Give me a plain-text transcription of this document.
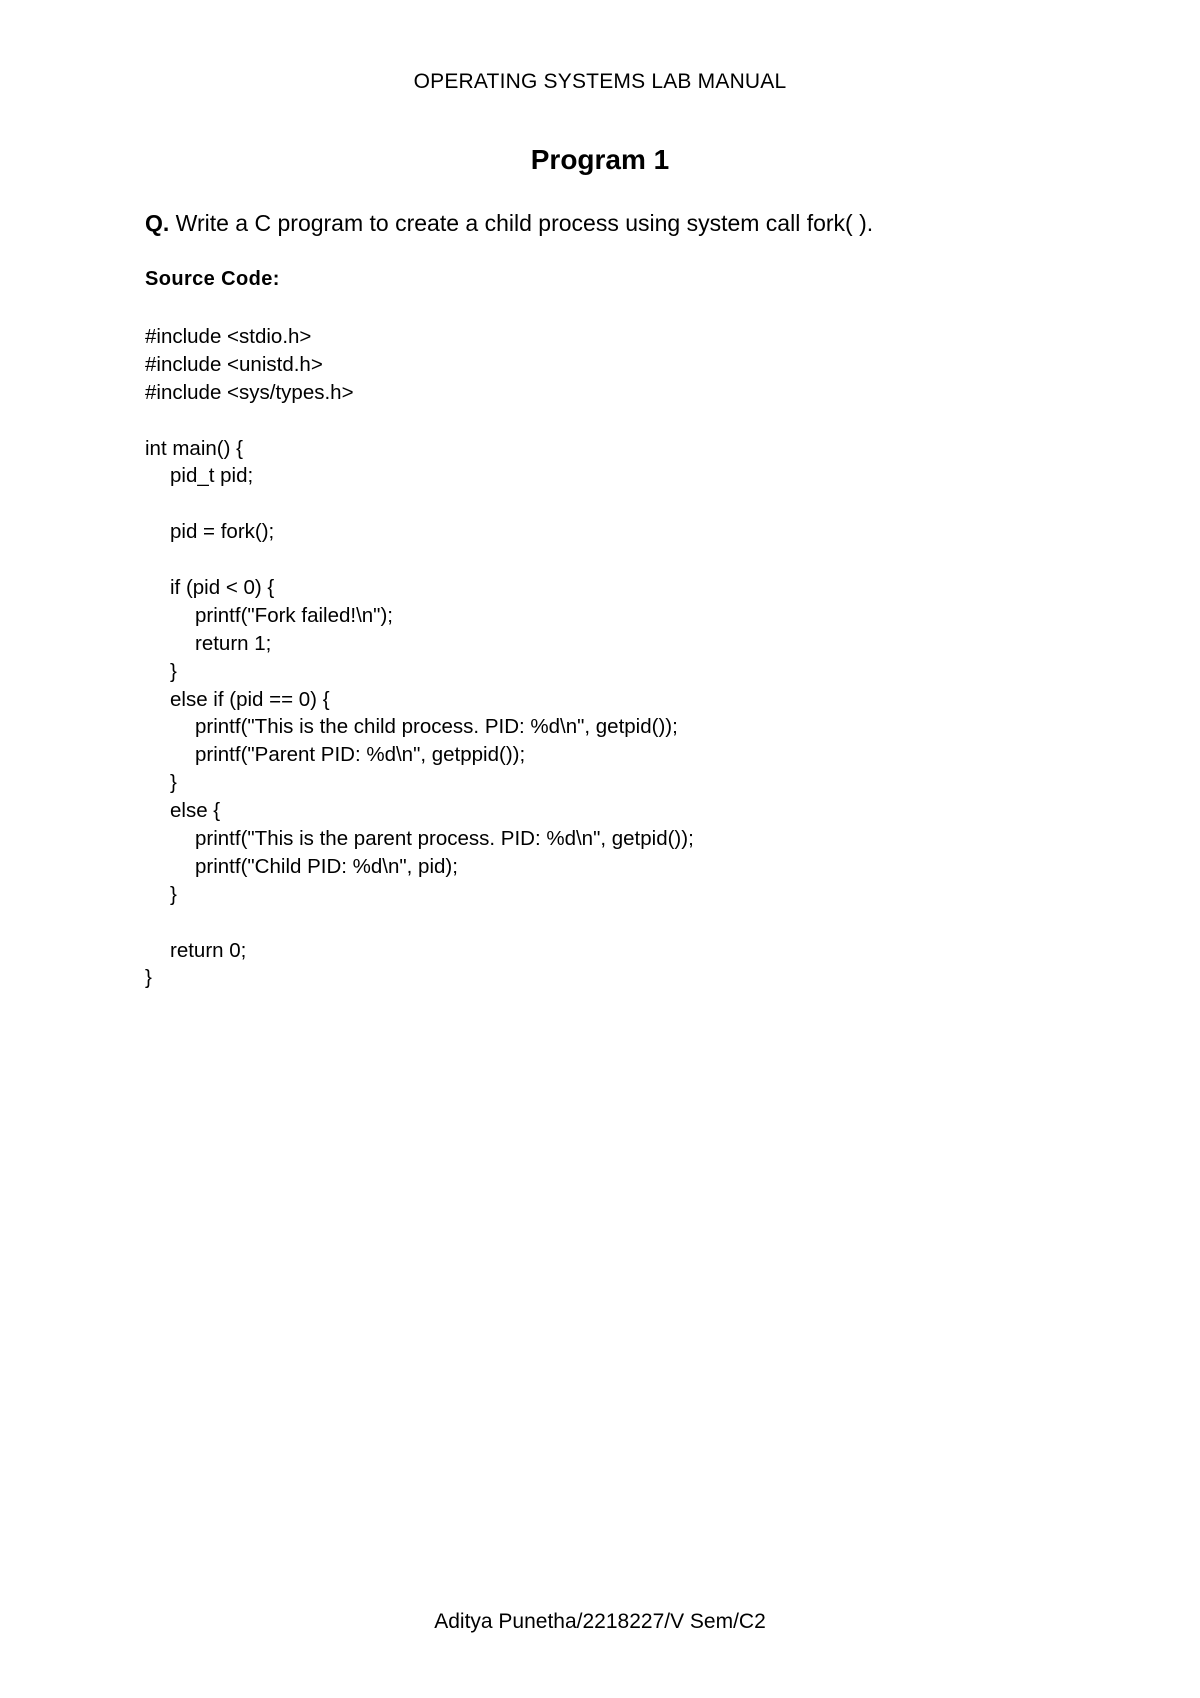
OPERATING SYSTEMS LAB MANUAL
Program 1
Q. Write a C program to create a child process using system call fork( ).
Source Code:
#include <stdio.h>
#include <unistd.h>
#include <sys/types.h>
int main() {
pid_t pid;
pid = fork();
if (pid < 0) {
printf("Fork failed!\n");
return 1;
}
else if (pid == 0) {
printf("This is the child process. PID: %d\n", getpid());
printf("Parent PID: %d\n", getppid());
}
else {
printf("This is the parent process. PID: %d\n", getpid());
printf("Child PID: %d\n", pid);
}
return 0;
}
Aditya Punetha/2218227/V Sem/C2
